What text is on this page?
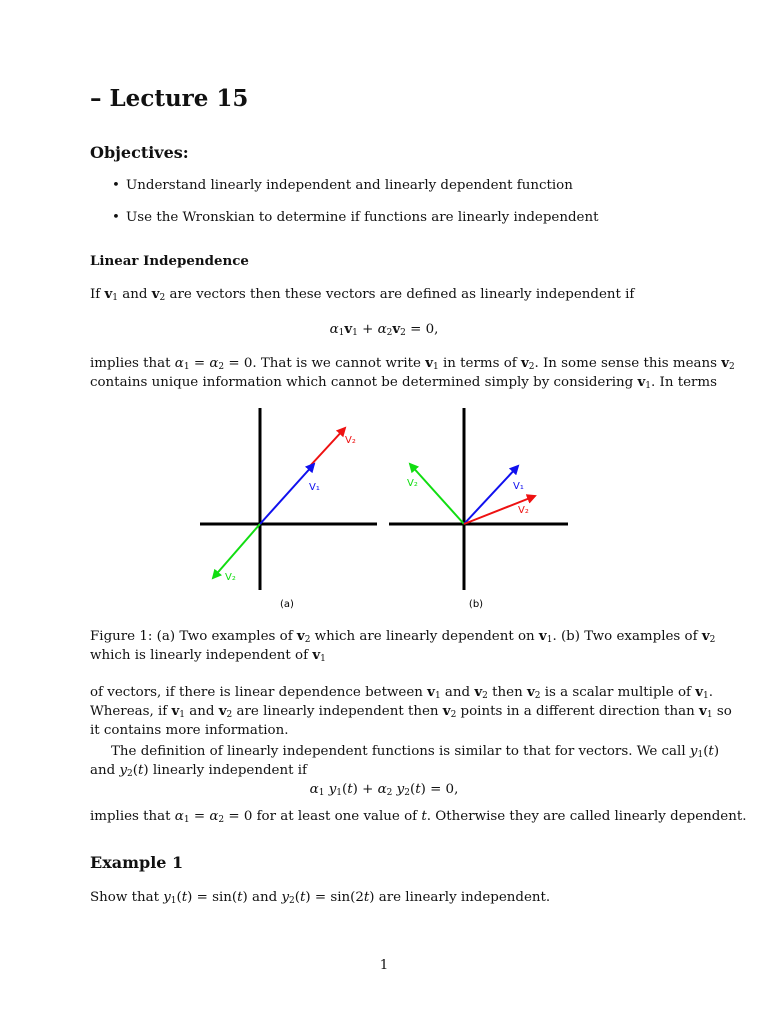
– Lecture 15
Objectives:
• Understand linearly independent and linearly dependent function
• Use the Wronskian to determine if functions are linearly independent
Linear Independence
If $v_1$ and $v_2$ are vectors then these vectors are defined as linearly independent if
$\alpha_1v_1 + \alpha_2v_2 = 0$,
implies that $\alpha_1 = \alpha_2 = 0$. That is we cannot write $v_1$ in terms of $v_2$. In some sense this means $v_2$
contains unique information which cannot be determined simply by considering $v_1$. In terms
V₂
V₁
V₂
(a)
V₂	V₁
V₂
(b)
Figure 1: (a) Two examples of $v_2$ which are linearly dependent on $v_1$. (b) Two examples of $v_2$
which is linearly independent of $v_1$
of vectors, if there is linear dependence between $v_1$ and $v_2$ then $v_2$ is a scalar multiple of $v_1$.
Whereas, if $v_1$ and $v_2$ are linearly independent then $v_2$ points in a different direction than $v_1$ so
it contains more information.
The definition of linearly independent functions is similar to that for vectors. We call $y_1(t)$
and $y_2(t)$ linearly independent if
$\alpha_1$ $y_1(t) + \alpha_2$ $y_2(t) = 0$,
implies that $\alpha_1 = \alpha_2 = 0$ for at least one value of t. Otherwise they are called linearly dependent.
Example 1
Show that $y_1(t) = \sin(t)$ and $y_2(t) = \sin(2t)$ are linearly independent.
1
